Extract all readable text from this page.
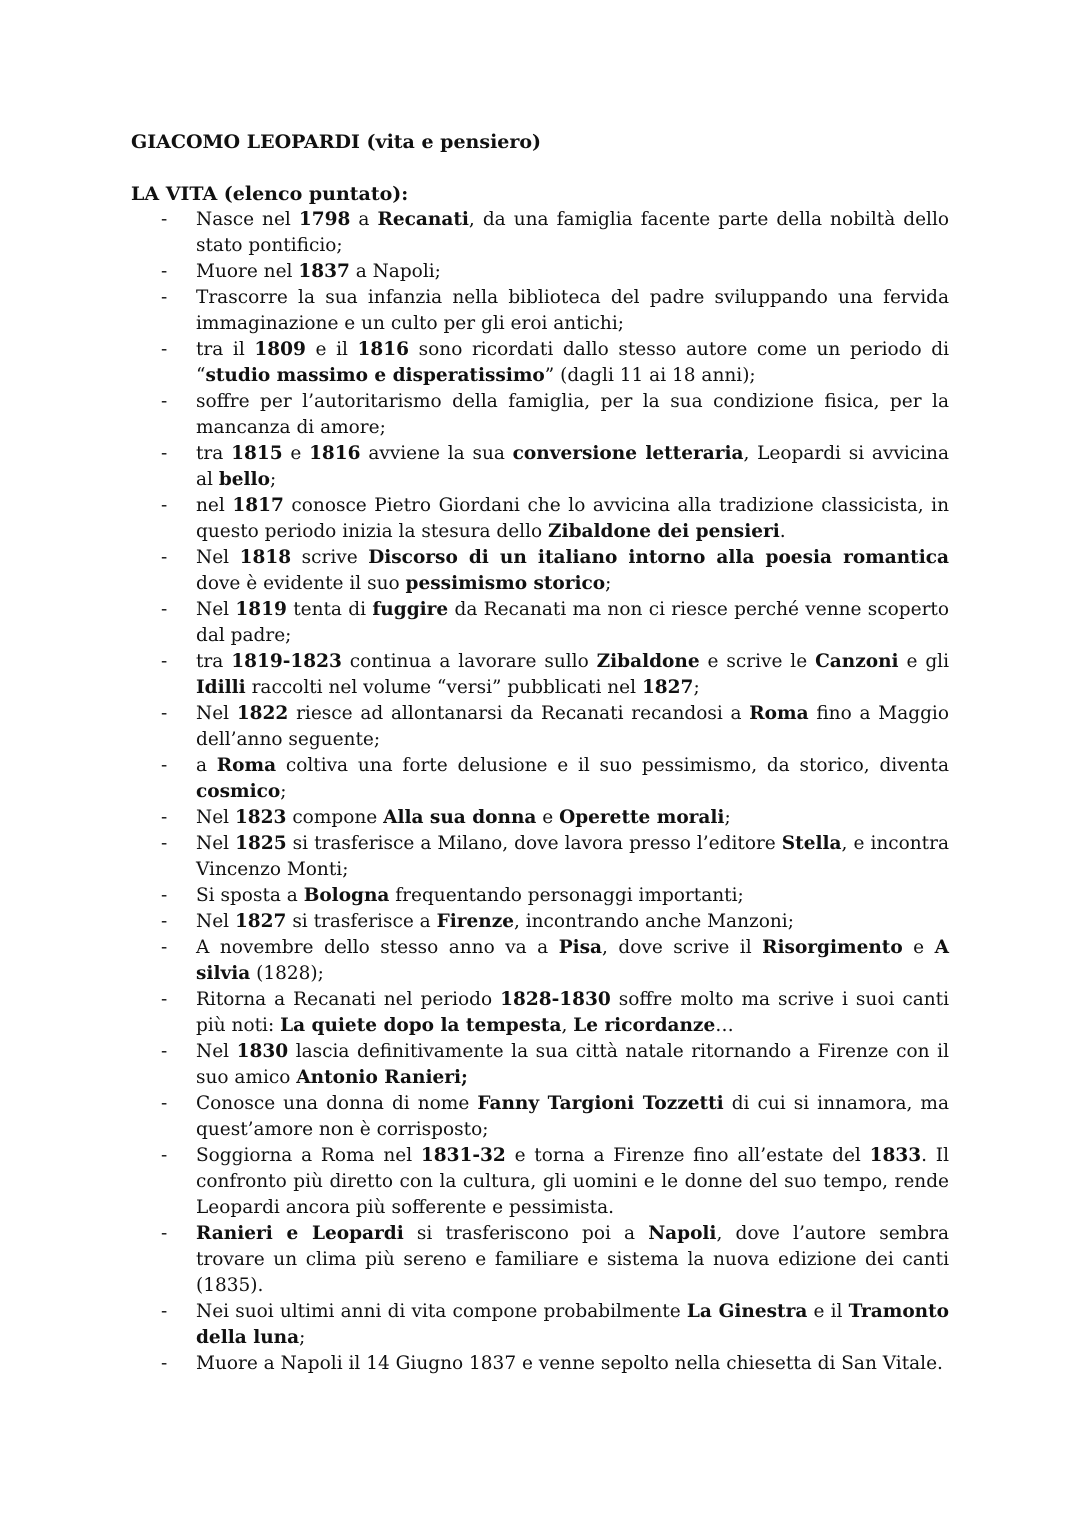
GIACOMO LEOPARDI (vita e pensiero)
LA VITA (elenco puntato):
- Nasce nel 1798 a Recanati, da una famiglia facente parte della nobiltà dello stato pontificio;
- Muore nel 1837 a Napoli;
- Trascorre la sua infanzia nella biblioteca del padre sviluppando una fervida immaginazione e un culto per gli eroi antichi;
- tra il 1809 e il 1816 sono ricordati dallo stesso autore come un periodo di “studio massimo e disperatissimo” (dagli 11 ai 18 anni);
- soffre per l’autoritarismo della famiglia, per la sua condizione fisica, per la mancanza di amore;
- tra 1815 e 1816 avviene la sua conversione letteraria, Leopardi si avvicina al bello;
- nel 1817 conosce Pietro Giordani che lo avvicina alla tradizione classicista, in questo periodo inizia la stesura dello Zibaldone dei pensieri.
- Nel 1818 scrive Discorso di un italiano intorno alla poesia romantica dove è evidente il suo pessimismo storico;
- Nel 1819 tenta di fuggire da Recanati ma non ci riesce perché venne scoperto dal padre;
- tra 1819-1823 continua a lavorare sullo Zibaldone e scrive le Canzoni e gli Idilli raccolti nel volume “versi” pubblicati nel 1827;
- Nel 1822 riesce ad allontanarsi da Recanati recandosi a Roma fino a Maggio dell’anno seguente;
- a Roma coltiva una forte delusione e il suo pessimismo, da storico, diventa cosmico;
- Nel 1823 compone Alla sua donna e Operette morali;
- Nel 1825 si trasferisce a Milano, dove lavora presso l’editore Stella, e incontra Vincenzo Monti;
- Si sposta a Bologna frequentando personaggi importanti;
- Nel 1827 si trasferisce a Firenze, incontrando anche Manzoni;
- A novembre dello stesso anno va a Pisa, dove scrive il Risorgimento e A silvia (1828);
- Ritorna a Recanati nel periodo 1828-1830 soffre molto ma scrive i suoi canti più noti: La quiete dopo la tempesta, Le ricordanze…
- Nel 1830 lascia definitivamente la sua città natale ritornando a Firenze con il suo amico Antonio Ranieri;
- Conosce una donna di nome Fanny Targioni Tozzetti di cui si innamora, ma quest’amore non è corrisposto;
- Soggiorna a Roma nel 1831-32 e torna a Firenze fino all’estate del 1833. Il confronto più diretto con la cultura, gli uomini e le donne del suo tempo, rende Leopardi ancora più sofferente e pessimista.
- Ranieri e Leopardi si trasferiscono poi a Napoli, dove l’autore sembra trovare un clima più sereno e familiare e sistema la nuova edizione dei canti (1835).
- Nei suoi ultimi anni di vita compone probabilmente La Ginestra e il Tramonto della luna;
- Muore a Napoli il 14 Giugno 1837 e venne sepolto nella chiesetta di San Vitale.
